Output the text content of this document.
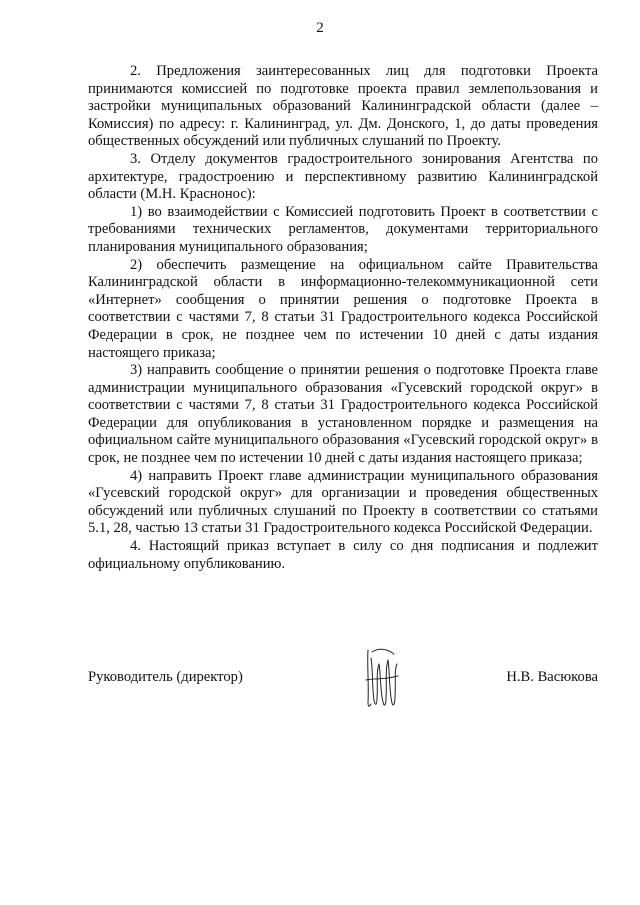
2

2. Предложения заинтересованных лиц для подготовки Проекта принимаются комиссией по подготовке проекта правил землепользования и застройки муниципальных образований Калининградской области (далее – Комиссия) по адресу: г. Калининград, ул. Дм. Донского, 1, до даты проведения общественных обсуждений или публичных слушаний по Проекту.

3. Отделу документов градостроительного зонирования Агентства по архитектуре, градостроению и перспективному развитию Калининградской области (М.Н. Краснонос):

1) во взаимодействии с Комиссией подготовить Проект в соответствии с требованиями технических регламентов, документами территориального планирования муниципального образования;

2) обеспечить размещение на официальном сайте Правительства Калининградской области в информационно-телекоммуникационной сети «Интернет» сообщения о принятии решения о подготовке Проекта в соответствии с частями 7, 8 статьи 31 Градостроительного кодекса Российской Федерации в срок, не позднее чем по истечении 10 дней с даты издания настоящего приказа;

3) направить сообщение о принятии решения о подготовке Проекта главе администрации муниципального образования «Гусевский городской округ» в соответствии с частями 7, 8 статьи 31 Градостроительного кодекса Российской Федерации для опубликования в установленном порядке и размещения на официальном сайте муниципального образования «Гусевский городской округ» в срок, не позднее чем по истечении 10 дней с даты издания настоящего приказа;

4) направить Проект главе администрации муниципального образования «Гусевский городской округ» для организации и проведения общественных обсуждений или публичных слушаний по Проекту в соответствии со статьями 5.1, 28, частью 13 статьи 31 Градостроительного кодекса Российской Федерации.

4. Настоящий приказ вступает в силу со дня подписания и подлежит официальному опубликованию.

Руководитель (директор)	Н.В. Васюкова
